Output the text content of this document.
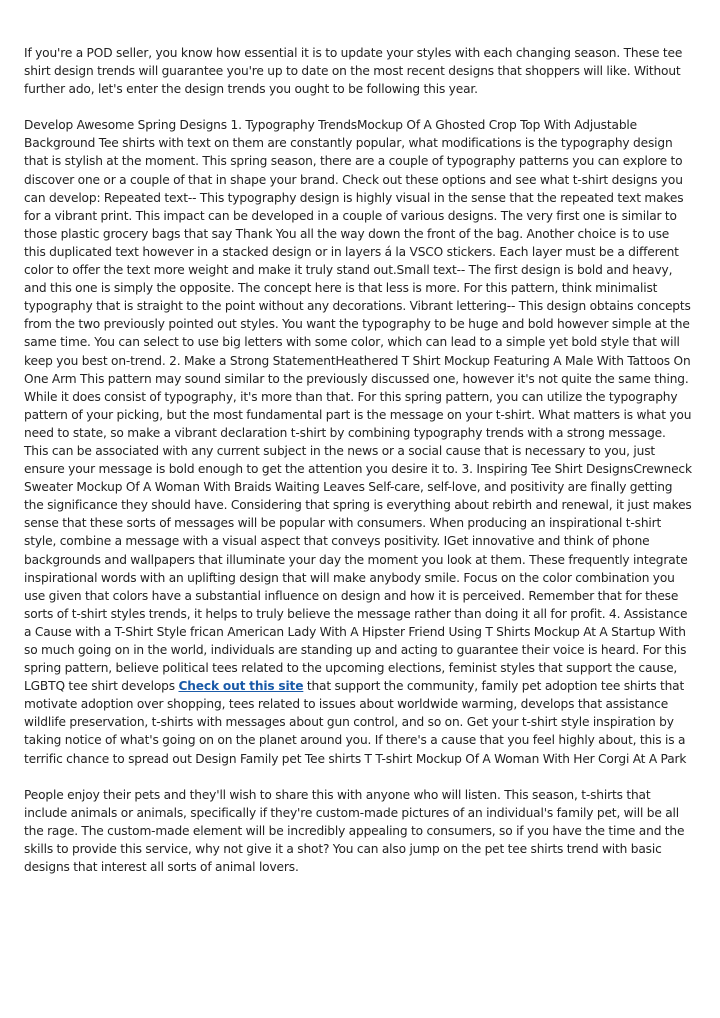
If you're a POD seller, you know how essential it is to update your styles with each changing season. These tee shirt design trends will guarantee you're up to date on the most recent designs that shoppers will like. Without further ado, let's enter the design trends you ought to be following this year.

Develop Awesome Spring Designs 1. Typography TrendsMockup Of A Ghosted Crop Top With Adjustable Background Tee shirts with text on them are constantly popular, what modifications is the typography design that is stylish at the moment. This spring season, there are a couple of typography patterns you can explore to discover one or a couple of that in shape your brand. Check out these options and see what t-shirt designs you can develop: Repeated text-- This typography design is highly visual in the sense that the repeated text makes for a vibrant print. This impact can be developed in a couple of various designs. The very first one is similar to those plastic grocery bags that say Thank You all the way down the front of the bag. Another choice is to use this duplicated text however in a stacked design or in layers á la VSCO stickers. Each layer must be a different color to offer the text more weight and make it truly stand out.Small text-- The first design is bold and heavy, and this one is simply the opposite. The concept here is that less is more. For this pattern, think minimalist typography that is straight to the point without any decorations. Vibrant lettering-- This design obtains concepts from the two previously pointed out styles. You want the typography to be huge and bold however simple at the same time. You can select to use big letters with some color, which can lead to a simple yet bold style that will keep you best on-trend. 2. Make a Strong StatementHeathered T Shirt Mockup Featuring A Male With Tattoos On One Arm This pattern may sound similar to the previously discussed one, however it's not quite the same thing. While it does consist of typography, it's more than that. For this spring pattern, you can utilize the typography pattern of your picking, but the most fundamental part is the message on your t-shirt. What matters is what you need to state, so make a vibrant declaration t-shirt by combining typography trends with a strong message. This can be associated with any current subject in the news or a social cause that is necessary to you, just ensure your message is bold enough to get the attention you desire it to. 3. Inspiring Tee Shirt DesignsCrewneck Sweater Mockup Of A Woman With Braids Waiting Leaves Self-care, self-love, and positivity are finally getting the significance they should have. Considering that spring is everything about rebirth and renewal, it just makes sense that these sorts of messages will be popular with consumers. When producing an inspirational t-shirt style, combine a message with a visual aspect that conveys positivity. IGet innovative and think of phone backgrounds and wallpapers that illuminate your day the moment you look at them. These frequently integrate inspirational words with an uplifting design that will make anybody smile. Focus on the color combination you use given that colors have a substantial influence on design and how it is perceived. Remember that for these sorts of t-shirt styles trends, it helps to truly believe the message rather than doing it all for profit. 4. Assistance a Cause with a T-Shirt Style frican American Lady With A Hipster Friend Using T Shirts Mockup At A Startup With so much going on in the world, individuals are standing up and acting to guarantee their voice is heard. For this spring pattern, believe political tees related to the upcoming elections, feminist styles that support the cause, LGBTQ tee shirt develops Check out this site that support the community, family pet adoption tee shirts that motivate adoption over shopping, tees related to issues about worldwide warming, develops that assistance wildlife preservation, t-shirts with messages about gun control, and so on. Get your t-shirt style inspiration by taking notice of what's going on on the planet around you. If there's a cause that you feel highly about, this is a terrific chance to spread out Design Family pet Tee shirts T T-shirt Mockup Of A Woman With Her Corgi At A Park

People enjoy their pets and they'll wish to share this with anyone who will listen. This season, t-shirts that include animals or animals, specifically if they're custom-made pictures of an individual's family pet, will be all the rage. The custom-made element will be incredibly appealing to consumers, so if you have the time and the skills to provide this service, why not give it a shot? You can also jump on the pet tee shirts trend with basic designs that interest all sorts of animal lovers.
